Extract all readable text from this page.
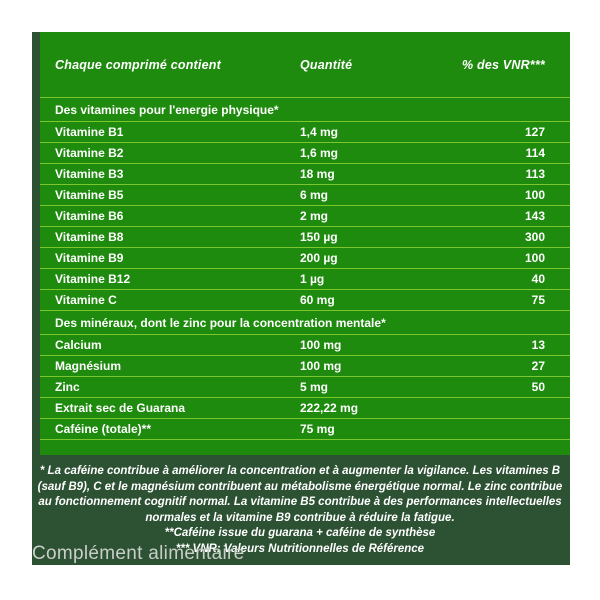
Chaque comprimé contient	Quantité	% des VNR***
Des vitamines pour l'energie physique*
Vitamine B1	1,4 mg	127
Vitamine B2	1,6 mg	114
Vitamine B3	18 mg	113
Vitamine B5	6 mg	100
Vitamine B6	2 mg	143
Vitamine B8	150 µg	300
Vitamine B9	200 µg	100
Vitamine B12	1 µg	40
Vitamine C	60 mg	75
Des minéraux, dont le zinc pour la concentration mentale*
Calcium	100 mg	13
Magnésium	100 mg	27
Zinc	5 mg	50
Extrait sec de Guarana	222,22 mg
Caféine (totale)**	75 mg

* La caféine contribue à améliorer la concentration et à augmenter la vigilance. Les vitamines B (sauf B9), C et le magnésium contribuent au métabolisme énergétique normal. Le zinc contribue au fonctionnement cognitif normal. La vitamine B5 contribue à des performances intellectuelles normales et la vitamine B9 contribue à réduire la fatigue.

**Caféine issue du guarana + caféine de synthèse

*** VNR: Valeurs Nutritionnelles de Référence

Complément alimentaire
